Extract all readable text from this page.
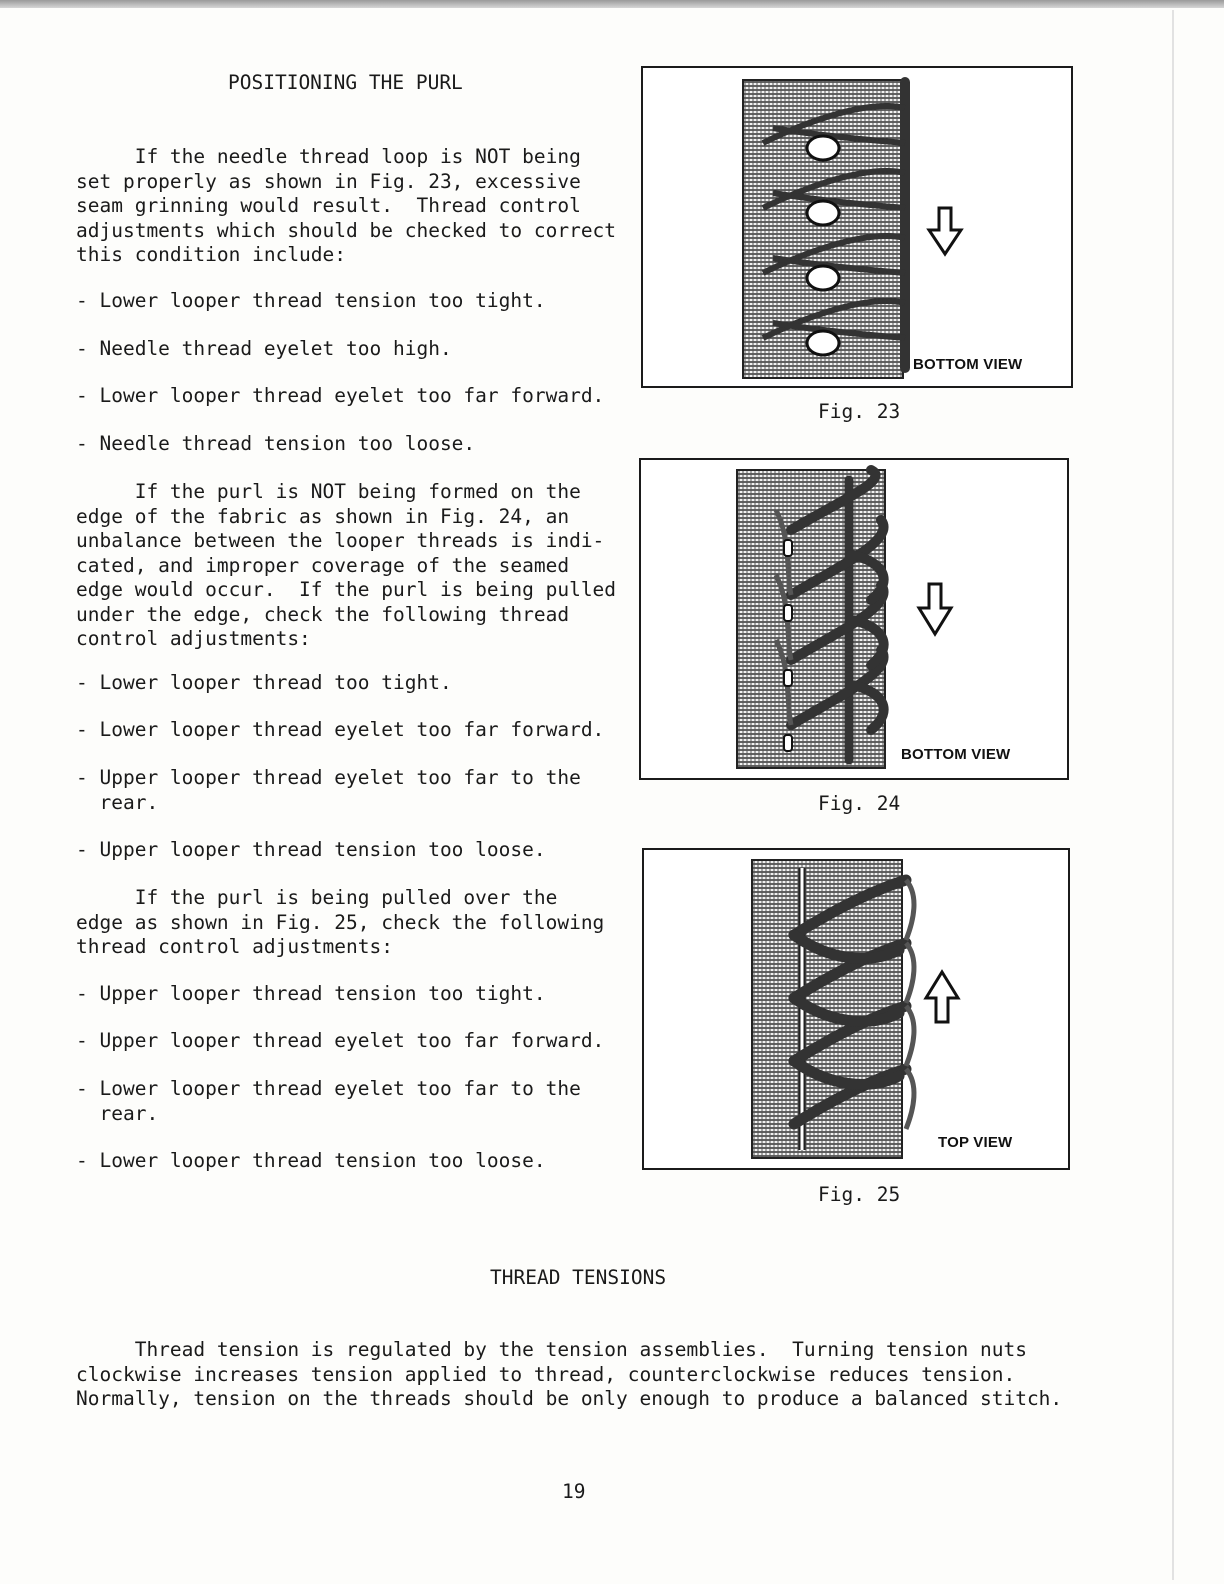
POSITIONING THE PURL
If the needle thread loop is NOT being
set properly as shown in Fig. 23, excessive
seam grinning would result.  Thread control
adjustments which should be checked to correct
this condition include:
- Lower looper thread tension too tight.
- Needle thread eyelet too high.
- Lower looper thread eyelet too far forward.
- Needle thread tension too loose.
If the purl is NOT being formed on the
edge of the fabric as shown in Fig. 24, an
unbalance between the looper threads is indi-
cated, and improper coverage of the seamed
edge would occur.  If the purl is being pulled
under the edge, check the following thread
control adjustments:
- Lower looper thread too tight.
- Lower looper thread eyelet too far forward.
- Upper looper thread eyelet too far to the
rear.
- Upper looper thread tension too loose.
If the purl is being pulled over the
edge as shown in Fig. 25, check the following
thread control adjustments:
- Upper looper thread tension too tight.
- Upper looper thread eyelet too far forward.
- Lower looper thread eyelet too far to the
rear.
- Lower looper thread tension too loose.
BOTTOM VIEW
Fig. 23
BOTTOM VIEW
Fig. 24
TOP VIEW
Fig. 25
THREAD TENSIONS
Thread tension is regulated by the tension assemblies.  Turning tension nuts
clockwise increases tension applied to thread, counterclockwise reduces tension.
Normally, tension on the threads should be only enough to produce a balanced stitch.
19
